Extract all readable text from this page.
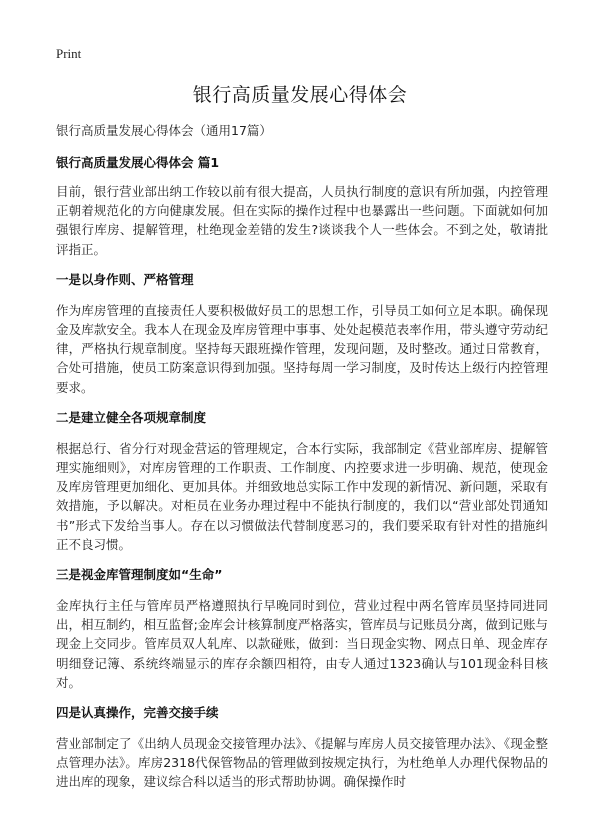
Print
银行高质量发展心得体会

银行高质量发展心得体会（通用17篇）

银行高质量发展心得体会 篇1

目前，银行营业部出纳工作较以前有很大提高，人员执行制度的意识有所加强，内控管理正朝着规范化的方向健康发展。但在实际的操作过程中也暴露出一些问题。下面就如何加强银行库房、提解管理，杜绝现金差错的发生?谈谈我个人一些体会。不到之处，敬请批评指正。

一是以身作则、严格管理

作为库房管理的直接责任人要积极做好员工的思想工作，引导员工如何立足本职。确保现金及库款安全。我本人在现金及库房管理中事事、处处起模范表率作用，带头遵守劳动纪律，严格执行规章制度。坚持每天跟班操作管理，发现问题，及时整改。通过日常教育，合处可措施，使员工防案意识得到加强。坚持每周一学习制度，及时传达上级行内控管理要求。

二是建立健全各项规章制度

根据总行、省分行对现金营运的管理规定，合本行实际，我部制定《营业部库房、提解管理实施细则》，对库房管理的工作职责、工作制度、内控要求进一步明确、规范，使现金及库房管理更加细化、更加具体。并细致地总实际工作中发现的新情况、新问题，采取有效措施，予以解决。对柜员在业务办理过程中不能执行制度的，我们以“营业部处罚通知书”形式下发给当事人。存在以习惯做法代替制度恶习的，我们要采取有针对性的措施纠正不良习惯。

三是视金库管理制度如“生命”

金库执行主任与管库员严格遵照执行早晚同时到位，营业过程中两名管库员坚持同进同出，相互制约，相互监督;金库会计核算制度严格落实，管库员与记账员分离，做到记账与现金上交同步。管库员双人轧库、以款碰账，做到：当日现金实物、网点日单、现金库存明细登记簿、系统终端显示的库存余额四相符，由专人通过1323确认与101现金科目核对。

四是认真操作，完善交接手续

营业部制定了《出纳人员现金交接管理办法》、《提解与库房人员交接管理办法》、《现金整点管理办法》。库房2318代保管物品的管理做到按规定执行，为杜绝单人办理代保物品的进出库的现象，建议综合科以适当的形式帮助协调。确保操作时
